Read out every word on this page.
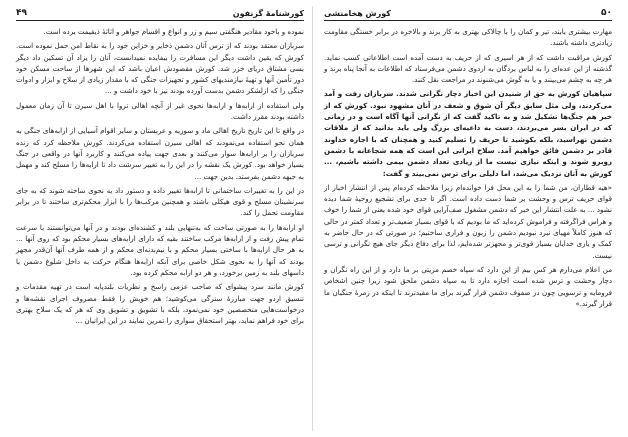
کورشنامهٔ گزنفون
۴۹

نموده و باخود مقادیر هنگفتی سیم و زر و انواع و اقسام جواهر و اثاثهٔ ذیقیمت برده است.

سربازان معتقد بودند که از ترس آنان دشمن ذخایر و خزاین خود را به نقاط امن حمل نموده است. کورش که یقین داشت دیگر این مسافرت را بیفایده نمیدانست، آنان را یزاد آن تسکین داد دیگر بسی مشتاق دریای خزر شد. کورش مقصودش اعیان باشد که این شهرها از ساحت مسکن خود دور تأمین آنها و تهیهٔ نیازمندیهای کشور و تجهیزات جنگی که با مقدار زیادی از سلاح و ابزار و ادوات جنگی را که ازلشکر دشمن بدست آورده بودند نیز با خود داشت و ...

ولی استفاده از ارابه‌ها و ارابه‌ها نحوی غیر از آنچه اهالی تروا با اهل سیرن تا آن زمان معمول داشته بودند مقرر داشت.

در واقع تا این تاریخ تاریخ اهالی ماد و سوریه و عربستان و سایر اقوام آسیایی از ارابه‌های جنگی به همان نحو استفاده می‌نمودند که اهالی سیرن استفاده می‌کردند. کورش ملاحظه کرد که زنده سربازان را بر ارابه‌ها سوار می‌کنند و بعدی جهت پیاده می‌کنند و کاربرد آنها در واقعی در جنگ بسیار خواهد بود. کورش یک نقشه را در این را به تغییر سرشت داد تا ارابه‌ها را مسلح کند و مهمل به جبهه دشمن بفرستد. بدین جهت ...

در این را به تغییرات ساختمانی تا ارابه‌ها تغییر داده و دستور داد به نحوی ساخته شوند که به جای سرنشینان مسلح و قوی هیکلی باشند و همچنین مرکب‌ها را با ابزار محکم‌تری ساختند تا در برابر مقاومت تحمل را کند.

او ارابه‌ها را به صورتی ساخت که به‌تنهایی بلند و کشنده‌ای بودند و در آنها می‌توانستند با سرعت تمام پیش رفت و از ارابه‌ها مرکب ساختند بقیه که دارای ارابه‌های بسیار محکم بود که روی آنها ... به هر حال ارابه‌ها با ساختی بسیار محکم و با نیم‌بدنه‌ای محکم و از همه طرف آنها آن‌قدر مجهز بودند که آنها را به نحوی شکل خاصی برای آنکه ارابه‌ها هنگام حرکت به داخل شلوغ دشمن با داسهای بلند به زمین برخورد، و هر دو ارابه محکم کرده بود.

کورش مانند سرد پیشوای که صاحب عزمی راسخ و نظریات بلندپایه است در تهیه مقدمات و تنسیق اردو جهت مبارزهٔ سترگی می‌کوشید؛ هم خویش را فقط مصروف اجرای نقشه‌ها و درخواست‌هایی متخصصین خود نمی‌نمود، بلکه با تشویق و تشویق وی که هر که یک سلاح بهتری برای خود فراهم نماید، بهتر استحقاق سواری را تمرین نمایند در این ایرانیان ...

۵۰
کورش هخامنشی

مهارت بیشتری یابند، تیر و کمان را با چالاکی بهتری به کار برند و بالاخره در برابر خستگی مقاومت زیادتری داشته باشند.

کورش مراقبت داشت که از هر اسیری که از حریف به دست آمده است اطلاعاتی کسب نماید. گذشته از این عده‌ای را به لباس بردگان به اردوی دشمن می‌فرستاد که اطلاعات به آنجا پناه برند و هر چه به چشم می‌بینند و یا به گوش می‌شنوند در مراجعت نقل کنند.

سپاهیان کورش به حق از شنیدن این اخبار دچار نگرانی شدند. سربازان رفت و آمد می‌کردند، ولی مثل سابق دیگر آن شوق و شعف در آنان مشهود نبود. کورش که از خبر هم جنگ‌ها تشکیل شد و به تاکید گفت که از نگرانی آنها آگاه است و در زمانی که در ایران بسر می‌بردند، دست به داعیه‌ای بزرگ ولی باید بدانید که از ملاقات دشمن نهراسید، بلکه بکوشید تا حریف را تسلیم کنید و همچنان که با اجازه خداوند قادر بر دشمن فائق خواهیم آمد. سلاح ایرانی این است که همه شجاعانه با دشمن روبرو شوند و اینکه نیازی نیست ما از زیادی تعداد دشمن بیمی داشته باشیم، ... کورش به آنان نزدیک می‌شد، اما دلیلی برای ترس نمی‌بیند و گفت:

«هیه قطاران، من شما را به این محل فرا خوانده‌ام زیرا ملاحظه کرده‌ام پس از انتشار اخبار از قوای حریف ترس و وحشت بر شما دست داده است. اگر تا حدی برای تشجیع روحیهٔ شما دیده نشود ... به علت انتشار این خبر که دشمن مشغول صف‌آرایی قوای خود شده یعنی از شما را خوف و هراس فراگرفته و فراموش کرده‌اید که ما بودیم که با قوای بسیار ضعیف‌تر و تعداد کمتر در حالی که هنوز کاملاً مهیای نبرد نبودیم دشمن را زبون و فراری ساختیم؛ در صورتی که در حال حاضر به کمک و یاری خدایان بسیار قوی‌تر و مجهزتر شده‌ایم، لذا برای دفاع دیگر جای هیچ نگرانی و ترسی نیست.

من اعلام می‌دارم هر کس بیم از این دارد که سپاه خصم مزیتی بر ما دارد و از این راه نگران و دچار وحشت و ترس شده است اجازه دارد تا به سپاه دشمن ملحق شود زیرا چنین اشخاص فرومایه و ترسویی چون در صفوف دشمن قرار گیرند برای ما مفیدترند تا اینکه در زمرهٔ جنگیان ما قرار گیرند.»
